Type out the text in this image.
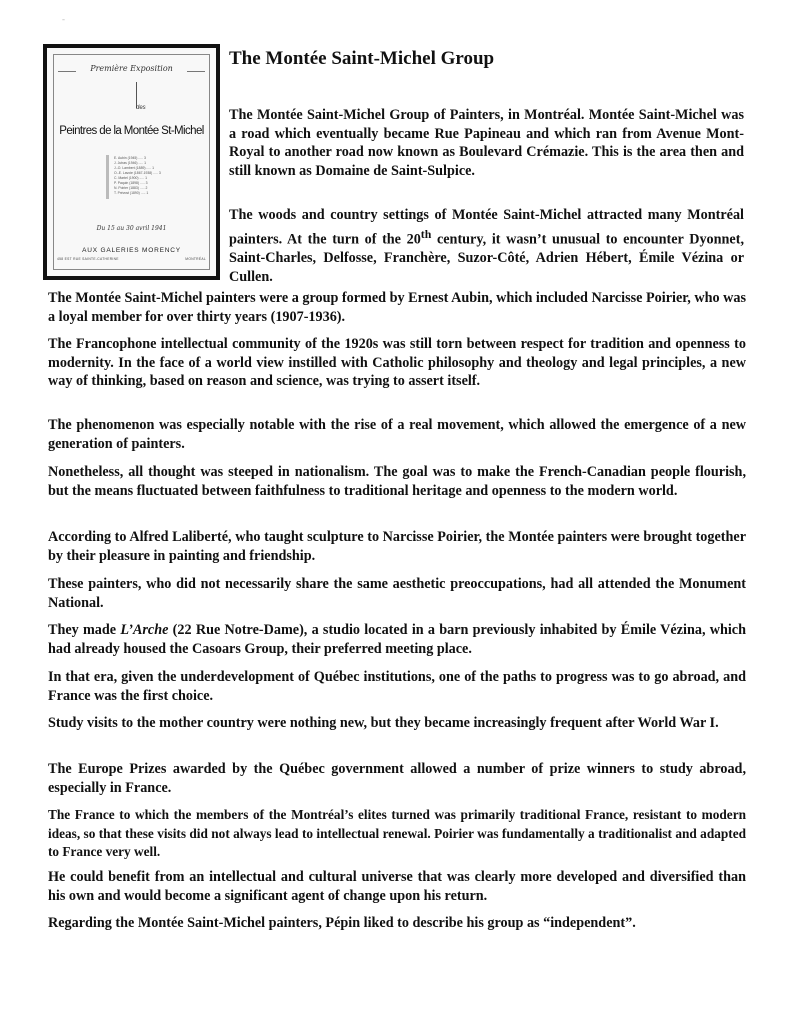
-
Première Exposition
des
Peintres de la Montée St-Michel
E. Aubin (1945) ..... 3
J. Jutras (1946) ..... 1
J.-O. Lambert (1889) ..... 1
O.-E. Lavoie (1867-1938) ..... 3
C. Martel (1900) ..... 1
P. Paquin (1898) ..... 3
N. Poirier (1883) ..... 2
T. Prévost (1890) ..... 1
Du 15 au 30 avril 1941
AUX GALERIES MORENCY
458 EST RUE SAINTE-CATHERINE	MONTRÉAL
The Montée Saint-Michel Group

The Montée Saint-Michel Group of Painters, in Montréal. Montée Saint-Michel was a road which eventually became Rue Papineau and which ran from Avenue Mont-Royal to another road now known as Boulevard Crémazie. This is the area then and still known as Domaine de Saint-Sulpice.

The woods and country settings of Montée Saint-Michel attracted many Montréal painters. At the turn of the 20th century, it wasn’t unusual to encounter Dyonnet, Saint-Charles, Delfosse, Franchère, Suzor-Côté, Adrien Hébert, Émile Vézina or Cullen.

The Montée Saint-Michel painters were a group formed by Ernest Aubin, which included Narcisse Poirier, who was a loyal member for over thirty years (1907-1936).

The Francophone intellectual community of the 1920s was still torn between respect for tradition and openness to modernity. In the face of a world view instilled with Catholic philosophy and theology and legal principles, a new way of thinking, based on reason and science, was trying to assert itself.

The phenomenon was especially notable with the rise of a real movement, which allowed the emergence of a new generation of painters.

Nonetheless, all thought was steeped in nationalism. The goal was to make the French-Canadian people flourish, but the means fluctuated between faithfulness to traditional heritage and openness to the modern world.

According to Alfred Laliberté, who taught sculpture to Narcisse Poirier, the Montée painters were brought together by their pleasure in painting and friendship.

These painters, who did not necessarily share the same aesthetic preoccupations, had all attended the Monument National.

They made L’Arche (22 Rue Notre-Dame), a studio located in a barn previously inhabited by Émile Vézina, which had already housed the Casoars Group, their preferred meeting place.

In that era, given the underdevelopment of Québec institutions, one of the paths to progress was to go abroad, and France was the first choice.

Study visits to the mother country were nothing new, but they became increasingly frequent after World War I.

The Europe Prizes awarded by the Québec government allowed a number of prize winners to study abroad, especially in France.

The France to which the members of the Montréal’s elites turned was primarily traditional France, resistant to modern ideas, so that these visits did not always lead to intellectual renewal. Poirier was fundamentally a traditionalist and adapted to France very well.

He could benefit from an intellectual and cultural universe that was clearly more developed and diversified than his own and would become a significant agent of change upon his return.

Regarding the Montée Saint-Michel painters, Pépin liked to describe his group as “independent”.
